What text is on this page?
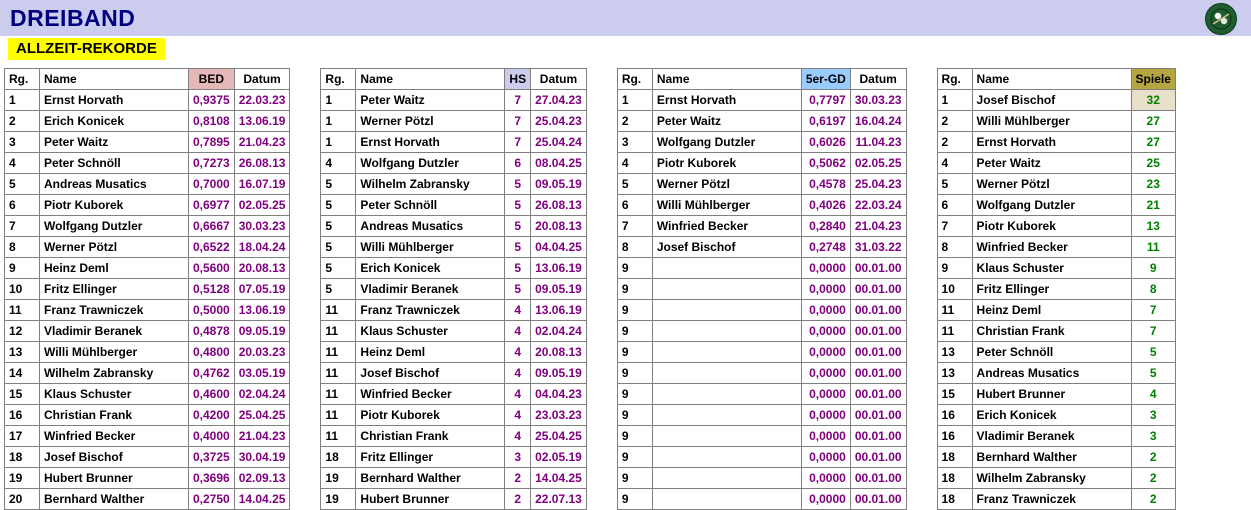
DREIBAND
ALLZEIT-REKORDE
Rg.	Name	BED	Datum
1	Ernst Horvath	0,9375	22.03.23
2	Erich Konicek	0,8108	13.06.19
3	Peter Waitz	0,7895	21.04.23
4	Peter Schnöll	0,7273	26.08.13
5	Andreas Musatics	0,7000	16.07.19
6	Piotr Kuborek	0,6977	02.05.25
7	Wolfgang Dutzler	0,6667	30.03.23
8	Werner Pötzl	0,6522	18.04.24
9	Heinz Deml	0,5600	20.08.13
10	Fritz Ellinger	0,5128	07.05.19
11	Franz Trawniczek	0,5000	13.06.19
12	Vladimir Beranek	0,4878	09.05.19
13	Willi Mühlberger	0,4800	20.03.23
14	Wilhelm Zabransky	0,4762	03.05.19
15	Klaus Schuster	0,4600	02.04.24
16	Christian Frank	0,4200	25.04.25
17	Winfried Becker	0,4000	21.04.23
18	Josef Bischof	0,3725	30.04.19
19	Hubert Brunner	0,3696	02.09.13
20	Bernhard Walther	0,2750	14.04.25
Rg.	Name	HS	Datum
1	Peter Waitz	7	27.04.23
1	Werner Pötzl	7	25.04.23
1	Ernst Horvath	7	25.04.24
4	Wolfgang Dutzler	6	08.04.25
5	Wilhelm Zabransky	5	09.05.19
5	Peter Schnöll	5	26.08.13
5	Andreas Musatics	5	20.08.13
5	Willi Mühlberger	5	04.04.25
5	Erich Konicek	5	13.06.19
5	Vladimir Beranek	5	09.05.19
11	Franz Trawniczek	4	13.06.19
11	Klaus Schuster	4	02.04.24
11	Heinz Deml	4	20.08.13
11	Josef Bischof	4	09.05.19
11	Winfried Becker	4	04.04.23
11	Piotr Kuborek	4	23.03.23
11	Christian Frank	4	25.04.25
18	Fritz Ellinger	3	02.05.19
19	Bernhard Walther	2	14.04.25
19	Hubert Brunner	2	22.07.13
Rg.	Name	5er-GD	Datum
1	Ernst Horvath	0,7797	30.03.23
2	Peter Waitz	0,6197	16.04.24
3	Wolfgang Dutzler	0,6026	11.04.23
4	Piotr Kuborek	0,5062	02.05.25
5	Werner Pötzl	0,4578	25.04.23
6	Willi Mühlberger	0,4026	22.03.24
7	Winfried Becker	0,2840	21.04.23
8	Josef Bischof	0,2748	31.03.22
9		0,0000	00.01.00
9		0,0000	00.01.00
9		0,0000	00.01.00
9		0,0000	00.01.00
9		0,0000	00.01.00
9		0,0000	00.01.00
9		0,0000	00.01.00
9		0,0000	00.01.00
9		0,0000	00.01.00
9		0,0000	00.01.00
9		0,0000	00.01.00
9		0,0000	00.01.00
Rg.	Name	Spiele
1	Josef Bischof	32
2	Willi Mühlberger	27
2	Ernst Horvath	27
4	Peter Waitz	25
5	Werner Pötzl	23
6	Wolfgang Dutzler	21
7	Piotr Kuborek	13
8	Winfried Becker	11
9	Klaus Schuster	9
10	Fritz Ellinger	8
11	Heinz Deml	7
11	Christian Frank	7
13	Peter Schnöll	5
13	Andreas Musatics	5
15	Hubert Brunner	4
16	Erich Konicek	3
16	Vladimir Beranek	3
18	Bernhard Walther	2
18	Wilhelm Zabransky	2
18	Franz Trawniczek	2
